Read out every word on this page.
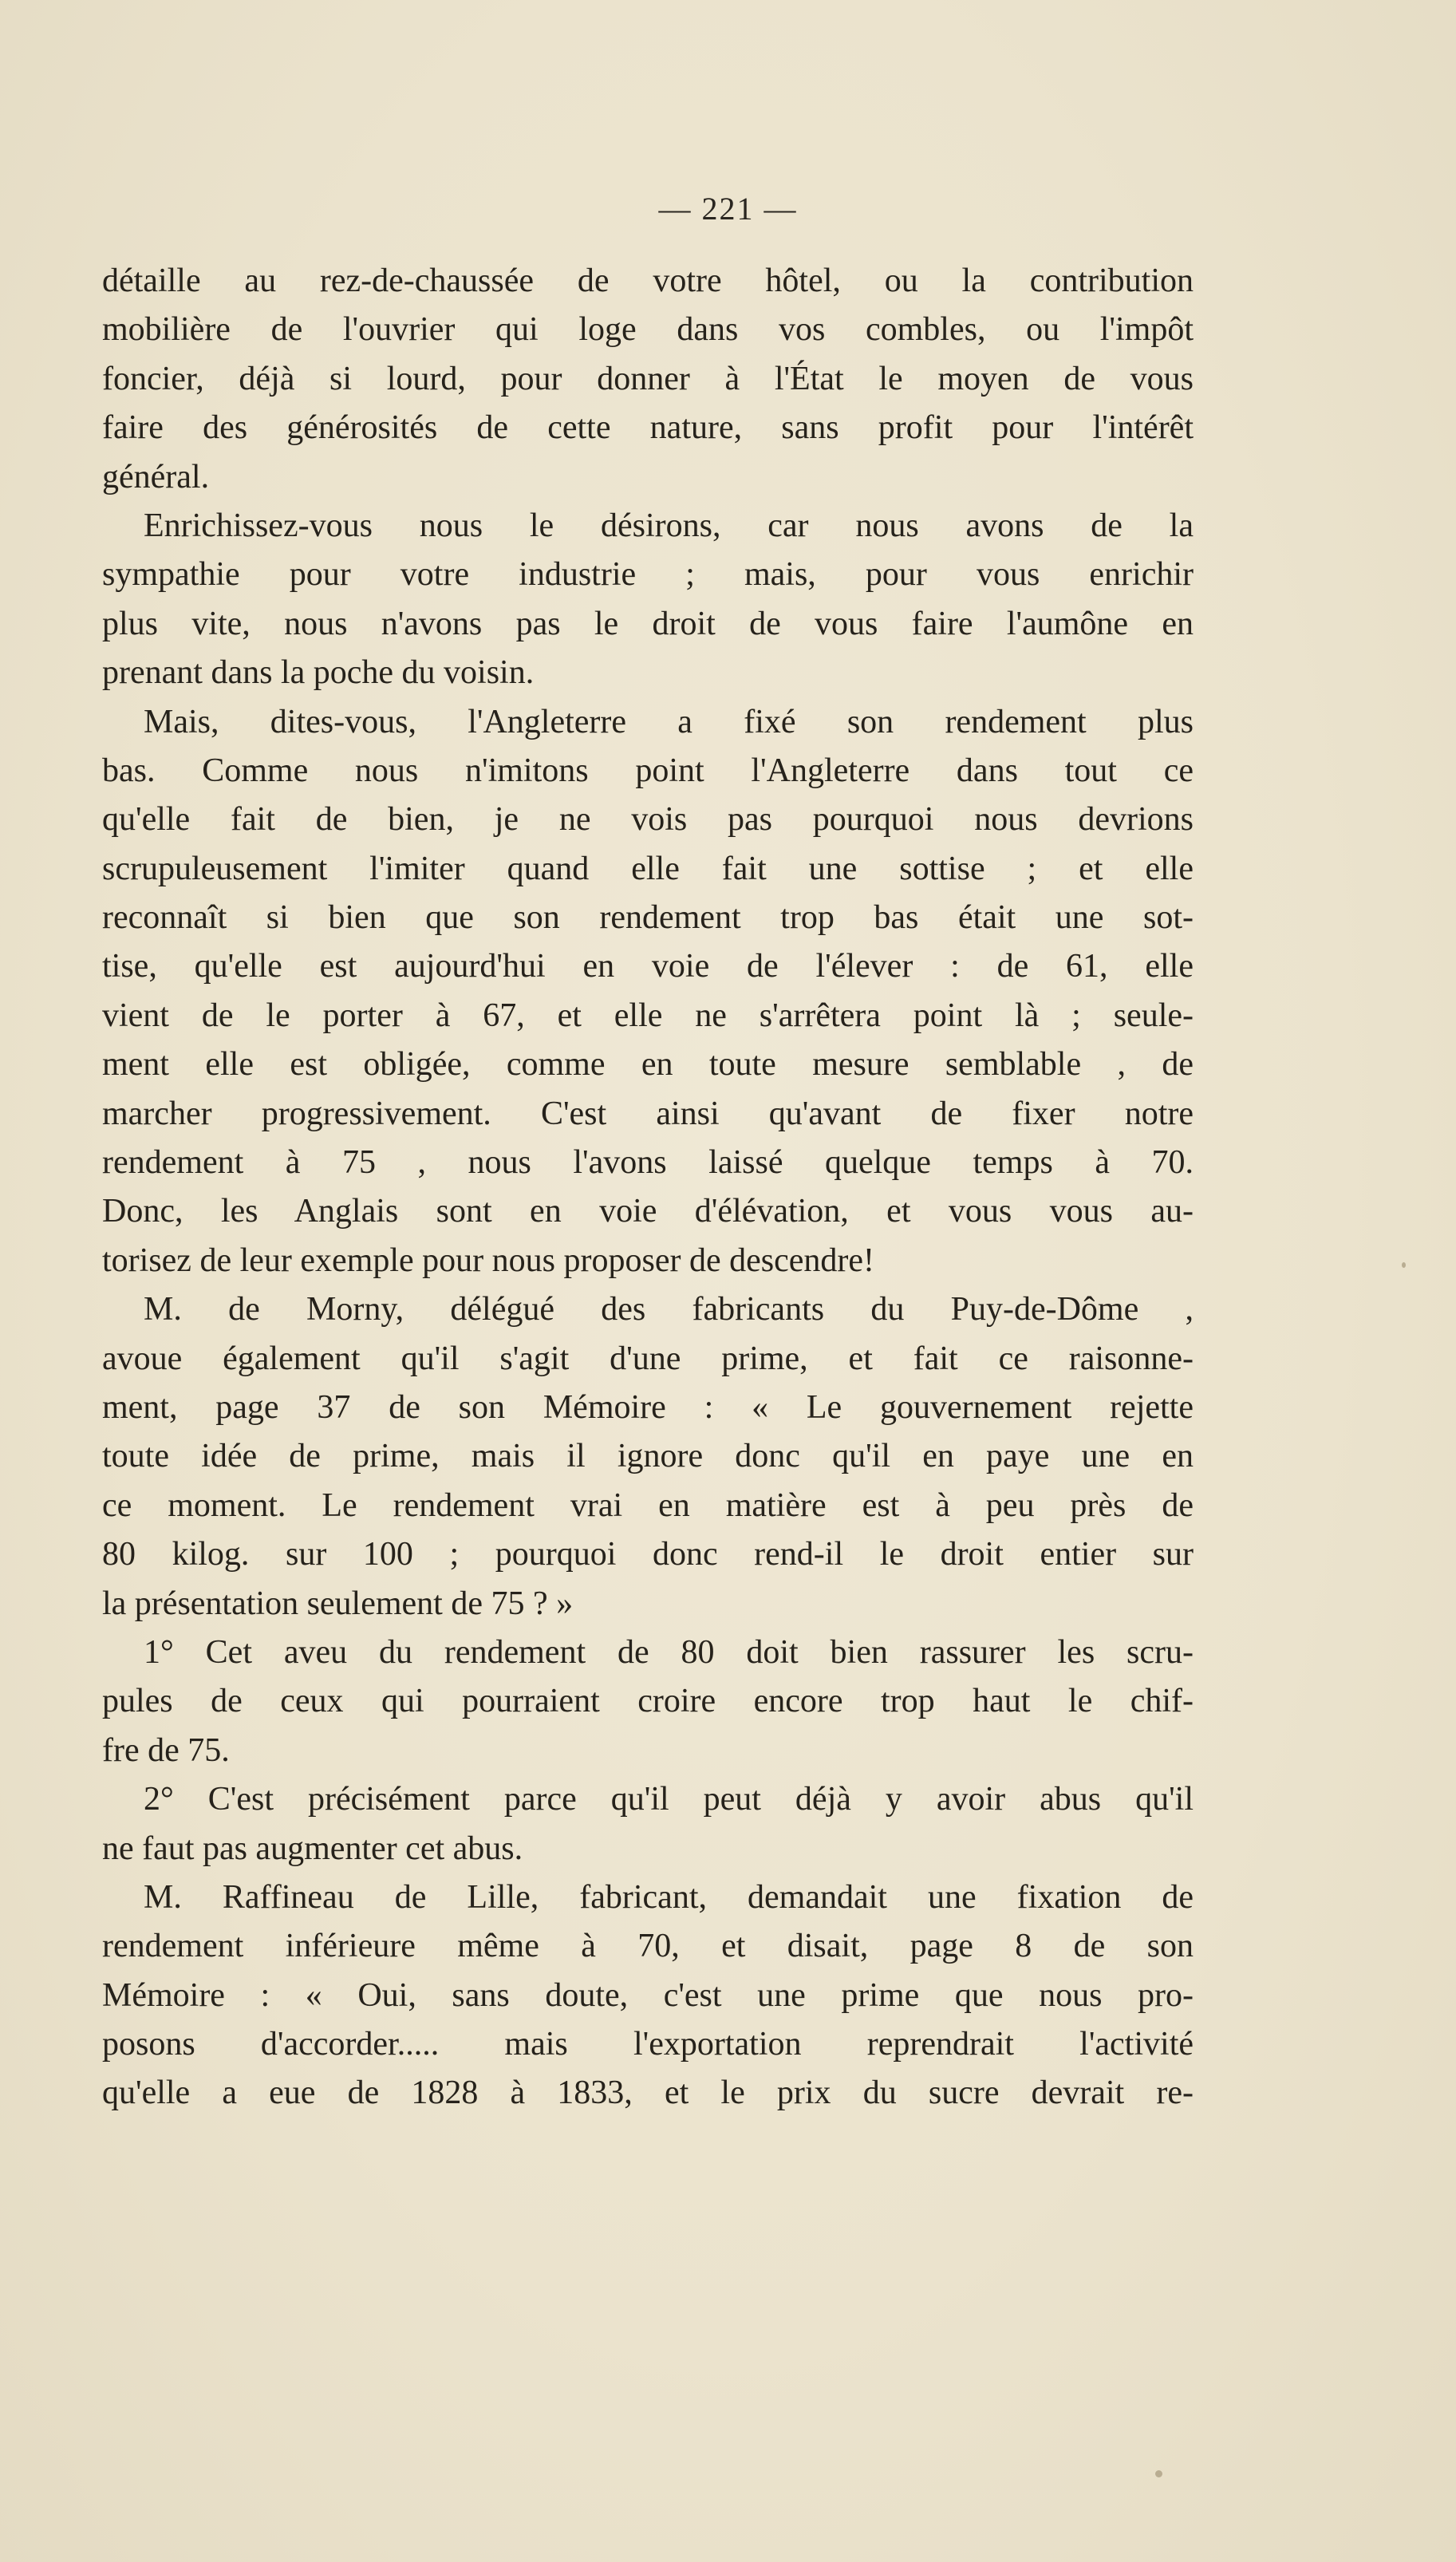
— 221 —
détaille au rez-de-chaussée de votre hôtel, ou la contribution
mobilière de l'ouvrier qui loge dans vos combles, ou l'impôt
foncier, déjà si lourd, pour donner à l'État le moyen de vous
faire des générosités de cette nature, sans profit pour l'intérêt
général.
Enrichissez-vous nous le désirons, car nous avons de la
sympathie pour votre industrie ; mais, pour vous enrichir
plus vite, nous n'avons pas le droit de vous faire l'aumône en
prenant dans la poche du voisin.
Mais, dites-vous, l'Angleterre a fixé son rendement plus
bas. Comme nous n'imitons point l'Angleterre dans tout ce
qu'elle fait de bien, je ne vois pas pourquoi nous devrions
scrupuleusement l'imiter quand elle fait une sottise ; et elle
reconnaît si bien que son rendement trop bas était une sot-
tise, qu'elle est aujourd'hui en voie de l'élever : de 61, elle
vient de le porter à 67, et elle ne s'arrêtera point là ; seule-
ment elle est obligée, comme en toute mesure semblable , de
marcher progressivement. C'est ainsi qu'avant de fixer notre
rendement à 75 , nous l'avons laissé quelque temps à 70.
Donc, les Anglais sont en voie d'élévation, et vous vous au-
torisez de leur exemple pour nous proposer de descendre!
M. de Morny, délégué des fabricants du Puy-de-Dôme ,
avoue également qu'il s'agit d'une prime, et fait ce raisonne-
ment, page 37 de son Mémoire : « Le gouvernement rejette
toute idée de prime, mais il ignore donc qu'il en paye une en
ce moment. Le rendement vrai en matière est à peu près de
80 kilog. sur 100 ; pourquoi donc rend-il le droit entier sur
la présentation seulement de 75 ? »
1° Cet aveu du rendement de 80 doit bien rassurer les scru-
pules de ceux qui pourraient croire encore trop haut le chif-
fre de 75.
2° C'est précisément parce qu'il peut déjà y avoir abus qu'il
ne faut pas augmenter cet abus.
M. Raffineau de Lille, fabricant, demandait une fixation de
rendement inférieure même à 70, et disait, page 8 de son
Mémoire : « Oui, sans doute, c'est une prime que nous pro-
posons d'accorder..... mais l'exportation reprendrait l'activité
qu'elle a eue de 1828 à 1833, et le prix du sucre devrait re-
